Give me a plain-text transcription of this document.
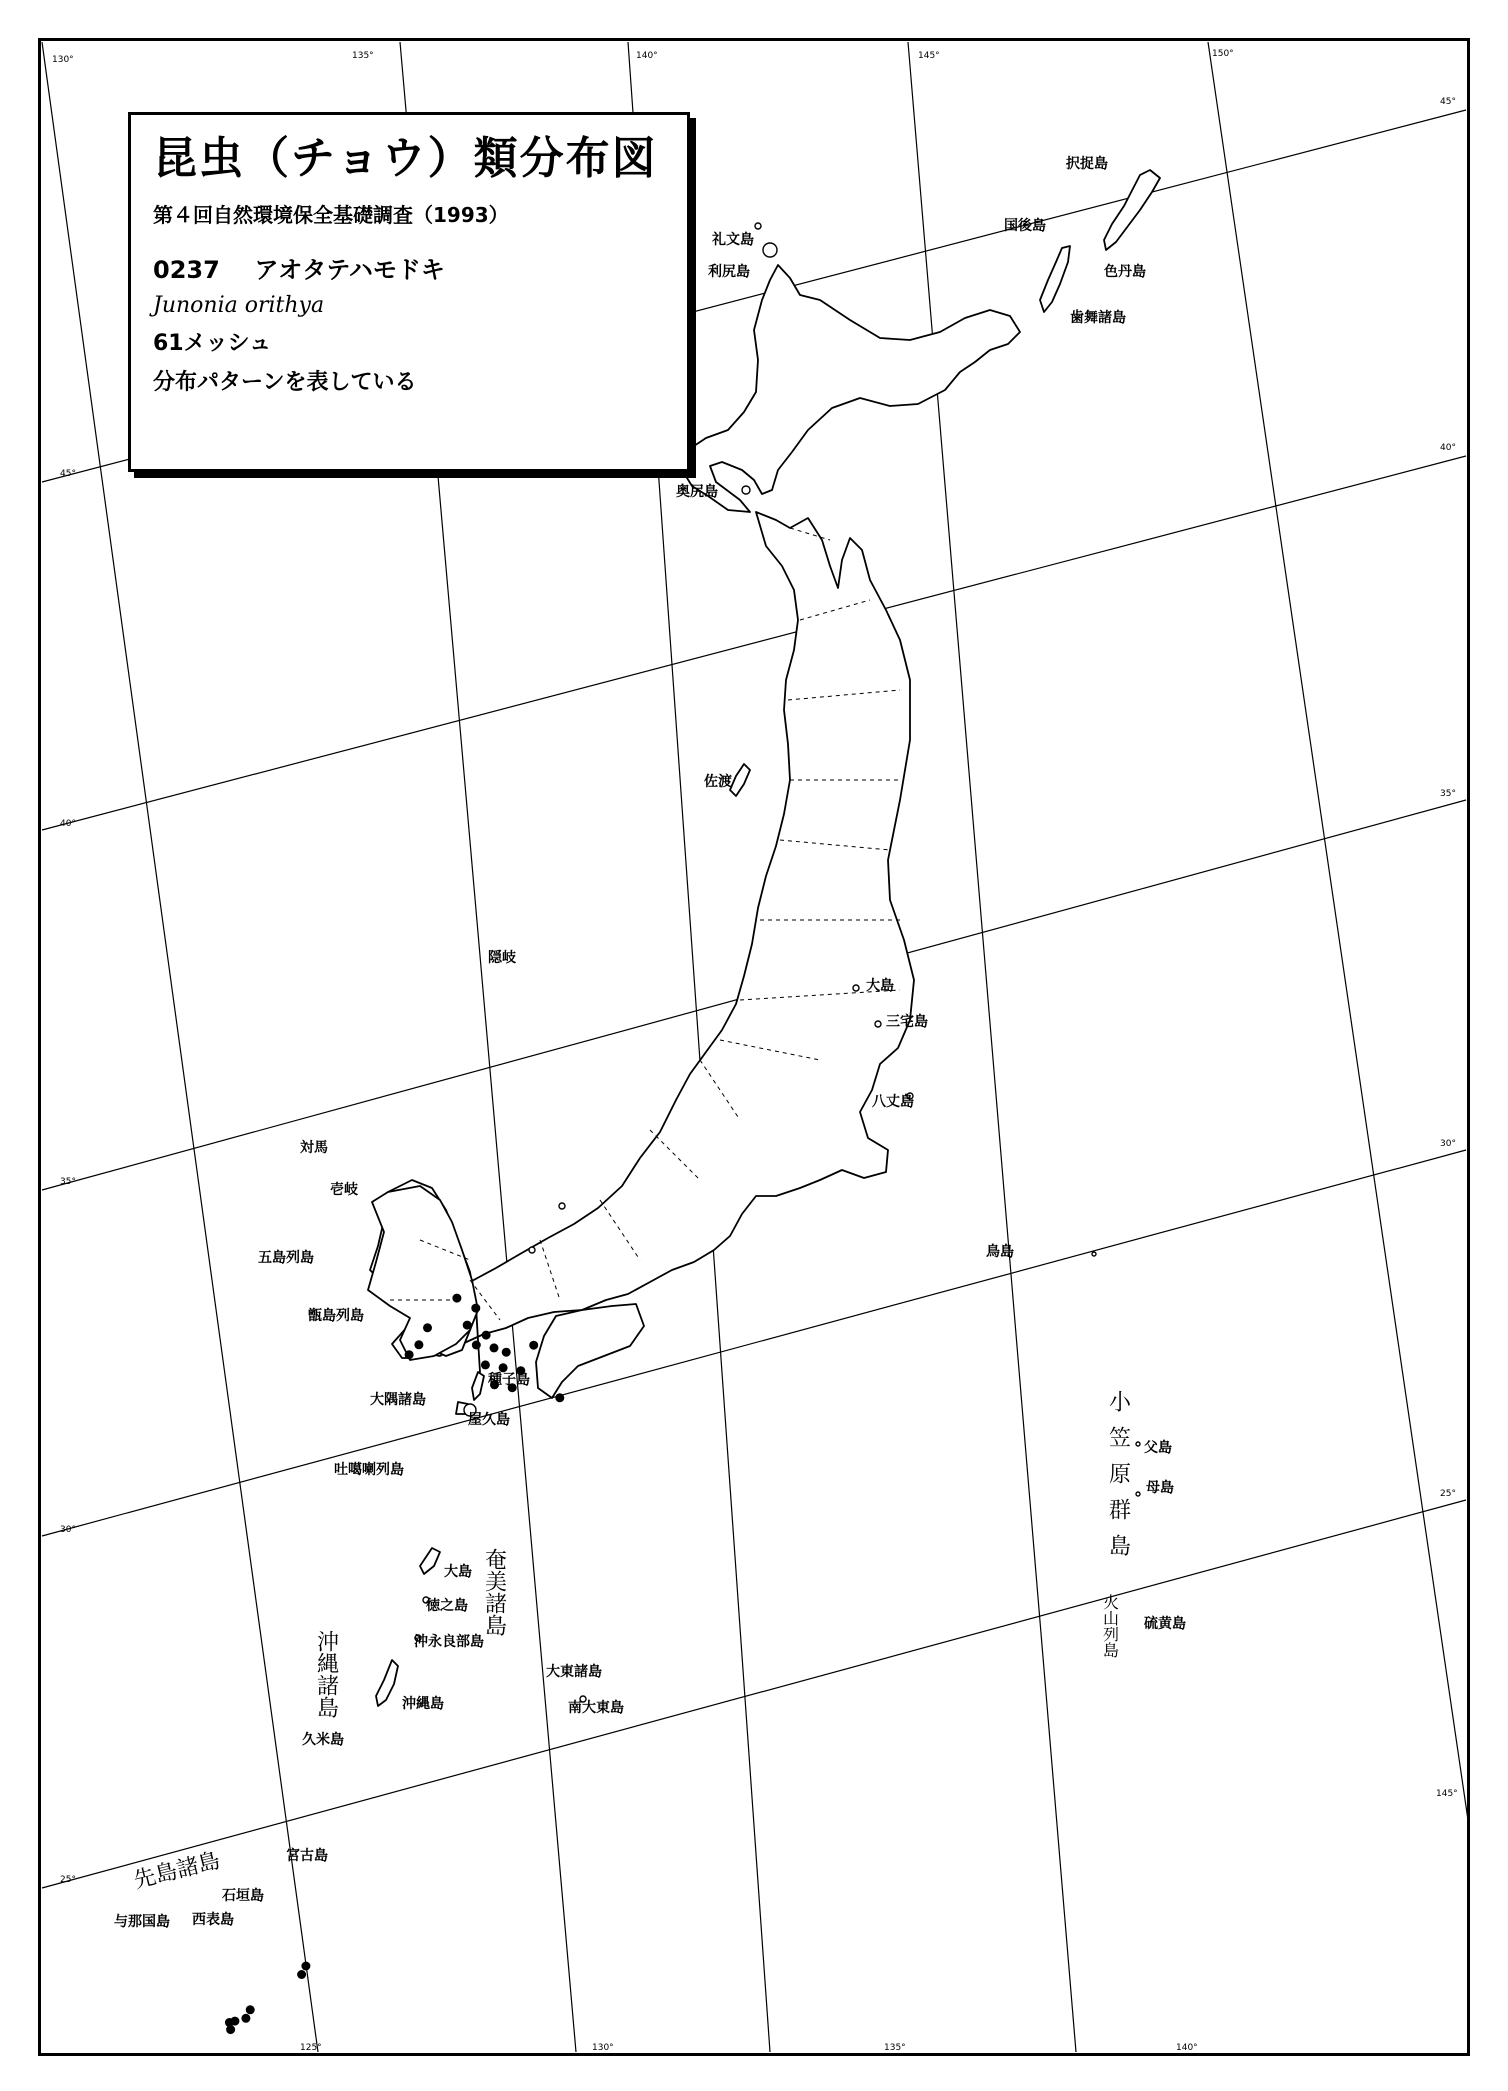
130°	135°	140°	145°	150°
45°
40°
35°
30°
25°
45°
40°
35°
30°
25°
145°
125°	130°	135°	140°
択捉島
国後島
色丹島
歯舞諸島
礼文島
利尻島
奥尻島
佐渡
隠岐
大島
三宅島
八丈島
鳥島
対馬
壱岐
五島列島
甑島列島
種子島
大隅諸島
屋久島
吐噶喇列島
大島
徳之島
沖永良部島
沖縄島
久米島
大東諸島
南大東島
宮古島
石垣島
西表島
与那国島
父島
母島
硫黄島
奄美諸島
沖縄諸島
小笠原群島
火山列島
先島諸島
昆虫（チョウ）類分布図
第４回自然環境保全基礎調査（1993）
0237 アオタテハモドキ
Junonia orithya
61メッシュ
分布パターンを表している
